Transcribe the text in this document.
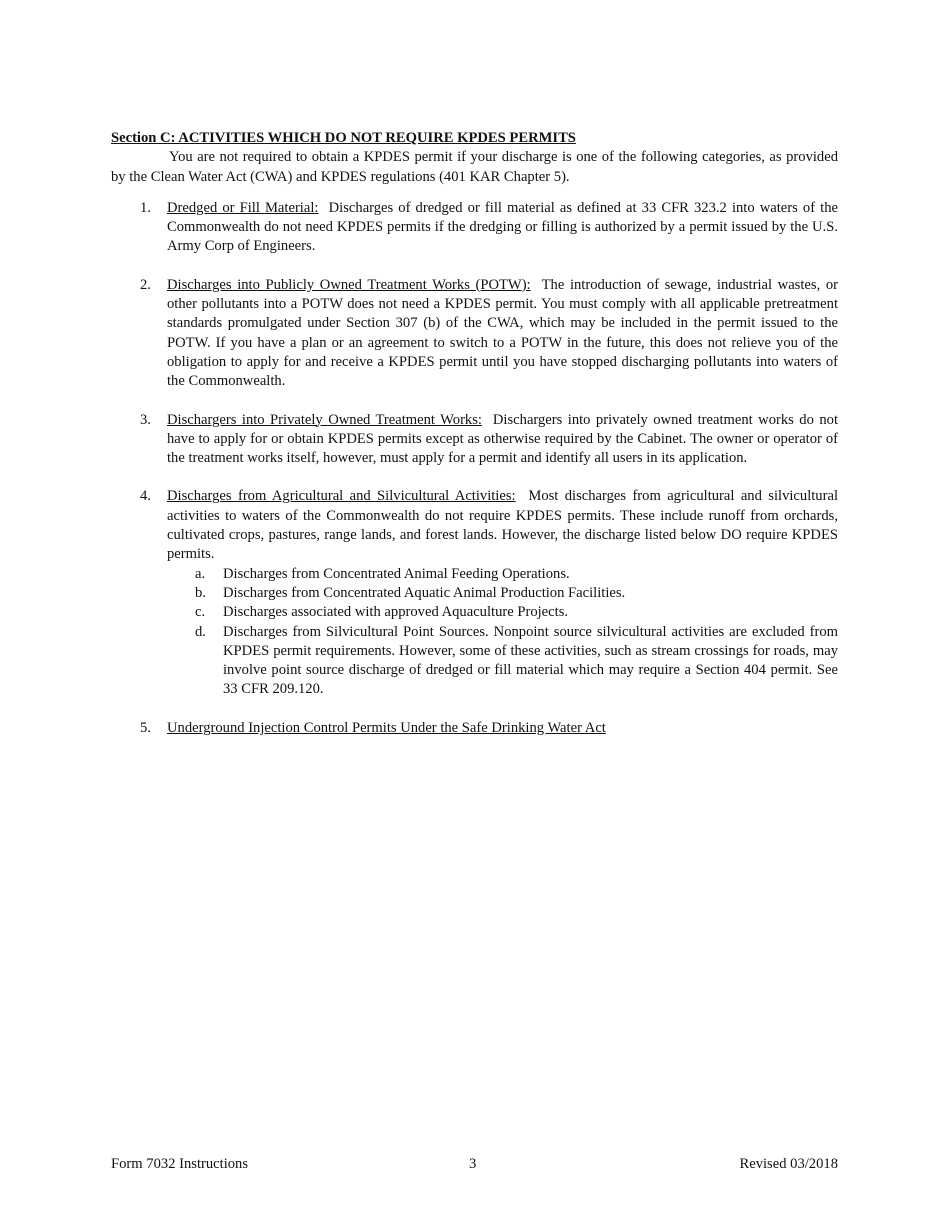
Section C: ACTIVITIES WHICH DO NOT REQUIRE KPDES PERMITS

You are not required to obtain a KPDES permit if your discharge is one of the following categories, as provided by the Clean Water Act (CWA) and KPDES regulations (401 KAR Chapter 5).

1. Dredged or Fill Material: Discharges of dredged or fill material as defined at 33 CFR 323.2 into waters of the Commonwealth do not need KPDES permits if the dredging or filling is authorized by a permit issued by the U.S. Army Corp of Engineers.
2. Discharges into Publicly Owned Treatment Works (POTW): The introduction of sewage, industrial wastes, or other pollutants into a POTW does not need a KPDES permit. You must comply with all applicable pretreatment standards promulgated under Section 307 (b) of the CWA, which may be included in the permit issued to the POTW. If you have a plan or an agreement to switch to a POTW in the future, this does not relieve you of the obligation to apply for and receive a KPDES permit until you have stopped discharging pollutants into waters of the Commonwealth.
3. Dischargers into Privately Owned Treatment Works: Dischargers into privately owned treatment works do not have to apply for or obtain KPDES permits except as otherwise required by the Cabinet. The owner or operator of the treatment works itself, however, must apply for a permit and identify all users in its application.
4. Discharges from Agricultural and Silvicultural Activities: Most discharges from agricultural and silvicultural activities to waters of the Commonwealth do not require KPDES permits. These include runoff from orchards, cultivated crops, pastures, range lands, and forest lands. However, the discharge listed below DO require KPDES permits.
a. Discharges from Concentrated Animal Feeding Operations.
b. Discharges from Concentrated Aquatic Animal Production Facilities.
c. Discharges associated with approved Aquaculture Projects.
d. Discharges from Silvicultural Point Sources. Nonpoint source silvicultural activities are excluded from KPDES permit requirements. However, some of these activities, such as stream crossings for roads, may involve point source discharge of dredged or fill material which may require a Section 404 permit. See 33 CFR 209.120.
5. Underground Injection Control Permits Under the Safe Drinking Water Act
Form 7032 Instructions	3	Revised 03/2018
